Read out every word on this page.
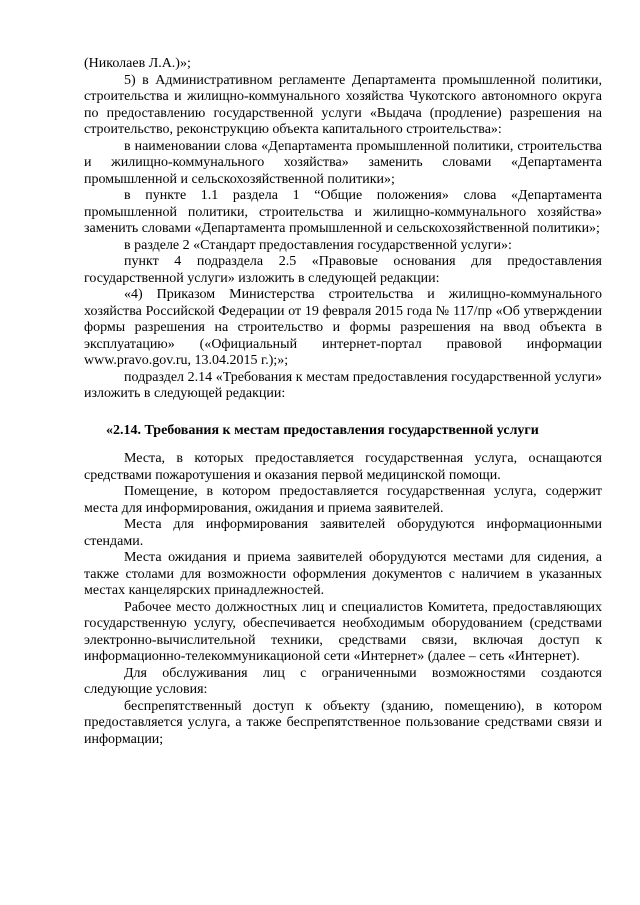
(Николаев Л.А.)»;

5) в Административном регламенте Департамента промышленной политики, строительства и жилищно-коммунального хозяйства Чукотского автономного округа по предоставлению государственной услуги «Выдача (продление) разрешения на строительство, реконструкцию объекта капитального строительства»:

в наименовании слова «Департамента промышленной политики, строительства и жилищно-коммунального хозяйства» заменить словами «Департамента промышленной и сельскохозяйственной политики»;

в пункте 1.1 раздела 1 “Общие положения» слова «Департамента промышленной политики, строительства и жилищно-коммунального хозяйства» заменить словами «Департамента промышленной и сельскохозяйственной политики»;

в разделе 2 «Стандарт предоставления государственной услуги»:

пункт 4 подраздела 2.5 «Правовые основания для предоставления государственной услуги» изложить в следующей редакции:

«4) Приказом Министерства строительства и жилищно-коммунального хозяйства Российской Федерации от 19 февраля 2015 года № 117/пр «Об утверждении формы разрешения на строительство и формы разрешения на ввод объекта в эксплуатацию» («Официальный интернет-портал правовой информации www.pravo.gov.ru, 13.04.2015 г.);»;

подраздел 2.14 «Требования к местам предоставления государственной услуги» изложить в следующей редакции:

«2.14. Требования к местам предоставления государственной услуги

Места, в которых предоставляется государственная услуга, оснащаются средствами пожаротушения и оказания первой медицинской помощи.

Помещение, в котором предоставляется государственная услуга, содержит места для информирования, ожидания и приема заявителей.

Места для информирования заявителей оборудуются информационными стендами.

Места ожидания и приема заявителей оборудуются местами для сидения, а также столами для возможности оформления документов с наличием в указанных местах канцелярских принадлежностей.

Рабочее место должностных лиц и специалистов Комитета, предоставляющих государственную услугу, обеспечивается необходимым оборудованием (средствами электронно-вычислительной техники, средствами связи, включая доступ к информационно-телекоммуникационой сети «Интернет» (далее – сеть «Интернет).

Для обслуживания лиц с ограниченными возможностями создаются следующие условия:

беспрепятственный доступ к объекту (зданию, помещению), в котором предоставляется услуга, а также беспрепятственное пользование средствами связи и информации;
